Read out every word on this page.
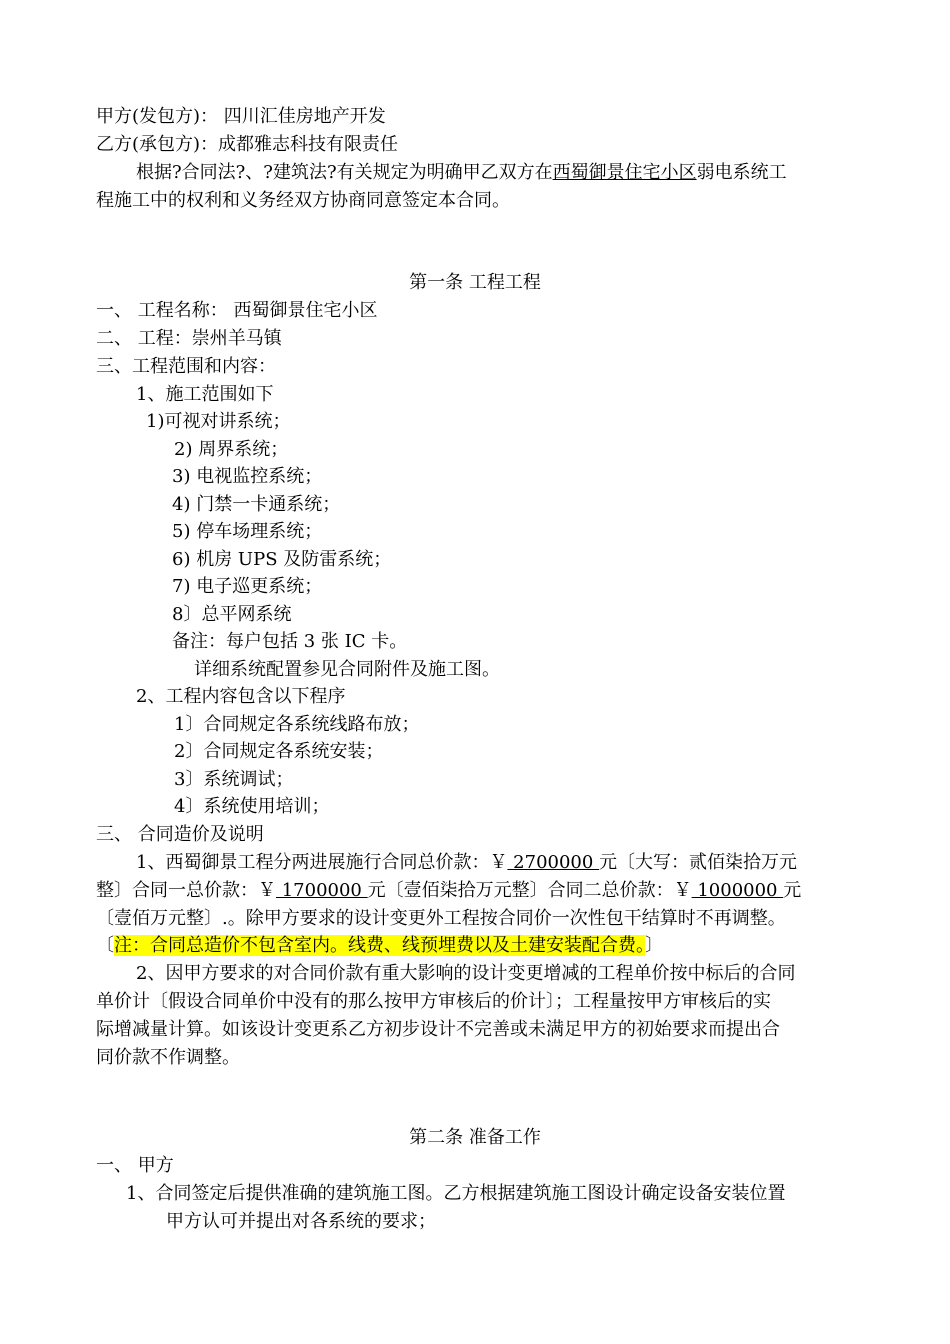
甲方(发包方)： 四川汇佳房地产开发
乙方(承包方)：成都雅志科技有限责任
根据?合同法?、?建筑法?有关规定为明确甲乙双方在西蜀御景住宅小区弱电系统工
程施工中的权利和义务经双方协商同意签定本合同。
第一条 工程工程
一、 工程名称： 西蜀御景住宅小区
二、 工程：崇州羊马镇
三、工程范围和内容：
1、施工范围如下
1)可视对讲系统；
2) 周界系统；
3) 电视监控系统；
4) 门禁一卡通系统；
5) 停车场理系统；
6) 机房 UPS 及防雷系统；
7) 电子巡更系统；
8〕总平网系统
备注：每户包括 3 张 IC 卡。
详细系统配置参见合同附件及施工图。
2、工程内容包含以下程序
1〕合同规定各系统线路布放；
2〕合同规定各系统安装；
3〕系统调试；
4〕系统使用培训；
三、 合同造价及说明
1、西蜀御景工程分两进展施行合同总价款：￥ 2700000 元〔大写：贰佰柒拾万元
整〕合同一总价款：￥ 1700000 元〔壹佰柒拾万元整〕合同二总价款：￥ 1000000 元
〔壹佰万元整〕.。除甲方要求的设计变更外工程按合同价一次性包干结算时不再调整。
〔注：合同总造价不包含室内。线费、线预埋费以及土建安装配合费。〕
2、因甲方要求的对合同价款有重大影响的设计变更增减的工程单价按中标后的合同
单价计〔假设合同单价中没有的那么按甲方审核后的价计〕；工程量按甲方审核后的实
际增减量计算。如该设计变更系乙方初步设计不完善或未满足甲方的初始要求而提出合
同价款不作调整。
第二条 准备工作
一、 甲方
1、合同签定后提供准确的建筑施工图。乙方根据建筑施工图设计确定设备安装位置
甲方认可并提出对各系统的要求；
